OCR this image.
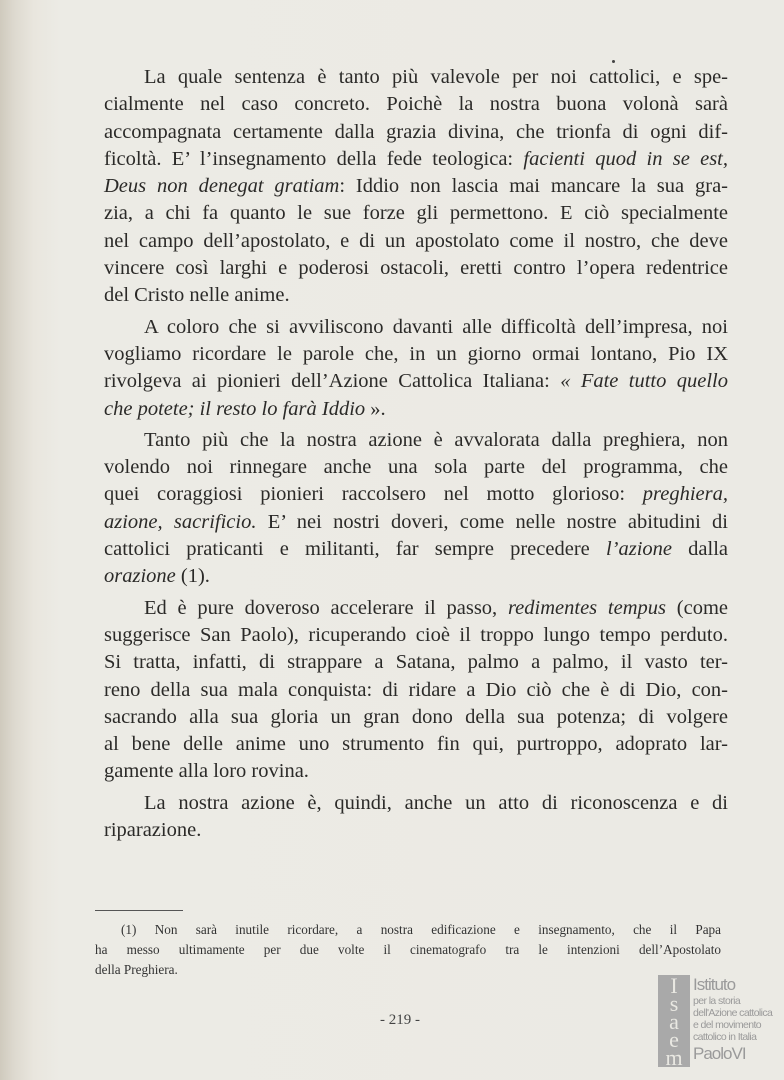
La quale sentenza è tanto più valevole per noi cattolici, e spe-
cialmente nel caso concreto. Poichè la nostra buona volonà sarà
accompagnata certamente dalla grazia divina, che trionfa di ogni dif-
ficoltà. E’ l’insegnamento della fede teologica: facienti quod in se est,
Deus non denegat gratiam: Iddio non lascia mai mancare la sua gra-
zia, a chi fa quanto le sue forze gli permettono. E ciò specialmente
nel campo dell’apostolato, e di un apostolato come il nostro, che deve
vincere così larghi e poderosi ostacoli, eretti contro l’opera redentrice
del Cristo nelle anime.
A coloro che si avviliscono davanti alle difficoltà dell’impresa, noi
vogliamo ricordare le parole che, in un giorno ormai lontano, Pio IX
rivolgeva ai pionieri dell’Azione Cattolica Italiana: « Fate tutto quello
che potete; il resto lo farà Iddio ».
Tanto più che la nostra azione è avvalorata dalla preghiera, non
volendo noi rinnegare anche una sola parte del programma, che
quei coraggiosi pionieri raccolsero nel motto glorioso: preghiera,
azione, sacrificio. E’ nei nostri doveri, come nelle nostre abitudini di
cattolici praticanti e militanti, far sempre precedere l’azione dalla
orazione (1).
Ed è pure doveroso accelerare il passo, redimentes tempus (come
suggerisce San Paolo), ricuperando cioè il troppo lungo tempo perduto.
Si tratta, infatti, di strappare a Satana, palmo a palmo, il vasto ter-
reno della sua mala conquista: di ridare a Dio ciò che è di Dio, con-
sacrando alla sua gloria un gran dono della sua potenza; di volgere
al bene delle anime uno strumento fin qui, purtroppo, adoprato lar-
gamente alla loro rovina.
La nostra azione è, quindi, anche un atto di riconoscenza e di
riparazione.
(1) Non sarà inutile ricordare, a nostra edificazione e insegnamento, che il Papa
ha messo ultimamente per due volte il cinematografo tra le intenzioni dell’Apostolato
della Preghiera.
- 219 -
I
s
a
e
m
Istituto
per la storia
dell'Azione cattolica
e del movimento
cattolico in Italia
PaoloVI
